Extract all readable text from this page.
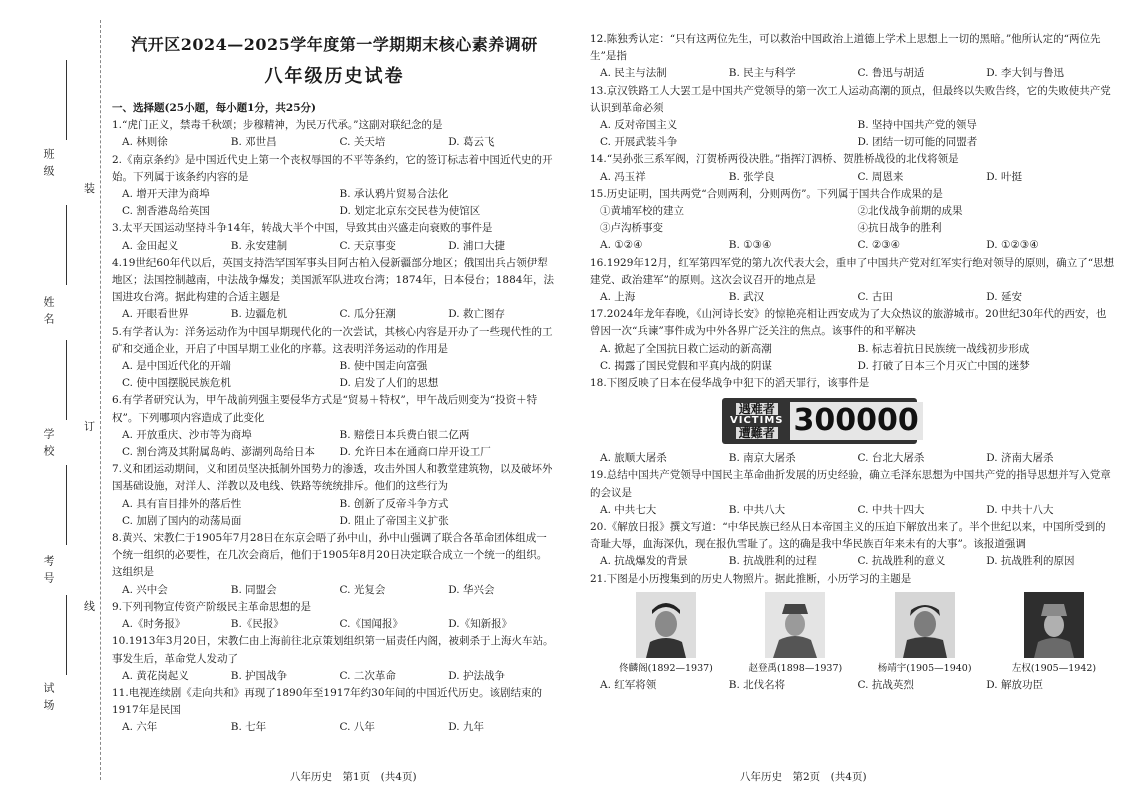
班级
姓名
学校
考号
试场
装
订
线
汽开区2024—2025学年度第一学期期末核心素养调研
八年级历史试卷
一、选择题(25小题，每小题1分，共25分)
1.“虎门正义，禁毒千秋颂；步穆精神，为民万代承。”这副对联纪念的是
A. 林则徐	B. 邓世昌	C. 关天培	D. 葛云飞
2.《南京条约》是中国近代史上第一个丧权辱国的不平等条约，它的签订标志着中国近代史的开始。下列属于该条约内容的是
A. 增开天津为商埠	B. 承认鸦片贸易合法化
C. 割香港岛给英国	D. 划定北京东交民巷为使馆区
3.太平天国运动坚持斗争14年，转战大半个中国，导致其由兴盛走向衰败的事件是
A. 金田起义	B. 永安建制	C. 天京事变	D. 浦口大捷
4.19世纪60年代以后，英国支持浩罕国军事头目阿古柏入侵新疆部分地区；俄国出兵占领伊犁地区；法国控制越南，中法战争爆发；美国派军队进攻台湾；1874年，日本侵台；1884年，法国进攻台湾。据此构建的合适主题是
A. 开眼看世界	B. 边疆危机	C. 瓜分狂潮	D. 救亡图存
5.有学者认为：洋务运动作为中国早期现代化的一次尝试，其核心内容是开办了一些现代性的工矿和交通企业，开启了中国早期工业化的序幕。这表明洋务运动的作用是
A. 是中国近代化的开端	B. 使中国走向富强
C. 使中国摆脱民族危机	D. 启发了人们的思想
6.有学者研究认为，甲午战前列强主要侵华方式是“贸易＋特权”，甲午战后则变为“投资＋特权”。下列哪项内容造成了此变化
A. 开放重庆、沙市等为商埠	B. 赔偿日本兵费白银二亿两
C. 割台湾及其附属岛屿、澎湖列岛给日本	D. 允许日本在通商口岸开设工厂
7.义和团运动期间，义和团员坚决抵制外国势力的渗透，攻击外国人和教堂建筑物，以及破坏外国基础设施，对洋人、洋教以及电线、铁路等统统排斥。他们的这些行为
A. 具有盲目排外的落后性	B. 创新了反帝斗争方式
C. 加剧了国内的动荡局面	D. 阻止了帝国主义扩张
8.黄兴、宋教仁于1905年7月28日在东京会晤了孙中山，孙中山强调了联合各革命团体组成一个统一组织的必要性，在几次会商后，他们于1905年8月20日决定联合成立一个统一的组织。这组织是
A. 兴中会	B. 同盟会	C. 光复会	D. 华兴会
9.下列刊物宣传资产阶级民主革命思想的是
A.《时务报》	B.《民报》	C.《国闻报》	D.《知新报》
10.1913年3月20日，宋教仁由上海前往北京策划组织第一届责任内阁，被刺杀于上海火车站。事发生后，革命党人发动了
A. 黄花岗起义	B. 护国战争	C. 二次革命	D. 护法战争
11.电视连续剧《走向共和》再现了1890年至1917年约30年间的中国近代历史。该剧结束的1917年是民国
A. 六年	B. 七年	C. 八年	D. 九年
八年历史　第1页　(共4页)
12.陈独秀认定：“只有这两位先生，可以救治中国政治上道德上学术上思想上一切的黑暗。”他所认定的“两位先生”是指
A. 民主与法制	B. 民主与科学	C. 鲁迅与胡适	D. 李大钊与鲁迅
13.京汉铁路工人大罢工是中国共产党领导的第一次工人运动高潮的顶点，但最终以失败告终，它的失败使共产党认识到革命必须
A. 反对帝国主义	B. 坚持中国共产党的领导
C. 开展武装斗争	D. 团结一切可能的同盟者
14.“吴孙张三系军阀，汀贺桥两役决胜。”指挥汀泗桥、贺胜桥战役的北伐将领是
A. 冯玉祥	B. 张学良	C. 周恩来	D. 叶挺
15.历史证明，国共两党“合则两利，分则两伤”。下列属于国共合作成果的是
①黄埔军校的建立	②北伐战争前期的成果
③卢沟桥事变	④抗日战争的胜利
A. ①②④	B. ①③④	C. ②③④	D. ①②③④
16.1929年12月，红军第四军党的第九次代表大会，重申了中国共产党对红军实行绝对领导的原则，确立了“思想建党、政治建军”的原则。这次会议召开的地点是
A. 上海	B. 武汉	C. 古田	D. 延安
17.2024年龙年春晚，《山河诗长安》的惊艳亮相让西安成为了大众热议的旅游城市。20世纪30年代的西安，也曾因一次“兵谏”事件成为中外各界广泛关注的焦点。该事件的和平解决
A. 掀起了全国抗日救亡运动的新高潮	B. 标志着抗日民族统一战线初步形成
C. 揭露了国民党假和平真内战的阴谋	D. 打破了日本三个月灭亡中国的迷梦
18.下图反映了日本在侵华战争中犯下的滔天罪行，该事件是
遇难者
VICTIMS
遭難者 300000
A. 旅顺大屠杀	B. 南京大屠杀	C. 台北大屠杀	D. 济南大屠杀
19.总结中国共产党领导中国民主革命曲折发展的历史经验，确立毛泽东思想为中国共产党的指导思想并写入党章的会议是
A. 中共七大	B. 中共八大	C. 中共十四大	D. 中共十八大
20.《解放日报》撰文写道：“中华民族已经从日本帝国主义的压迫下解放出来了。半个世纪以来，中国所受到的奇耻大辱，血海深仇，现在报仇雪耻了。这的确是我中华民族百年来未有的大事”。该报道强调
A. 抗战爆发的背景	B. 抗战胜利的过程	C. 抗战胜利的意义	D. 抗战胜利的原因
21.下图是小历搜集到的历史人物照片。据此推断，小历学习的主题是
佟麟阁(1892—1937)	赵登禹(1898—1937)	杨靖宇(1905—1940)	左权(1905—1942)
A. 红军将领	B. 北伐名将	C. 抗战英烈	D. 解放功臣
八年历史　第2页　(共4页)
